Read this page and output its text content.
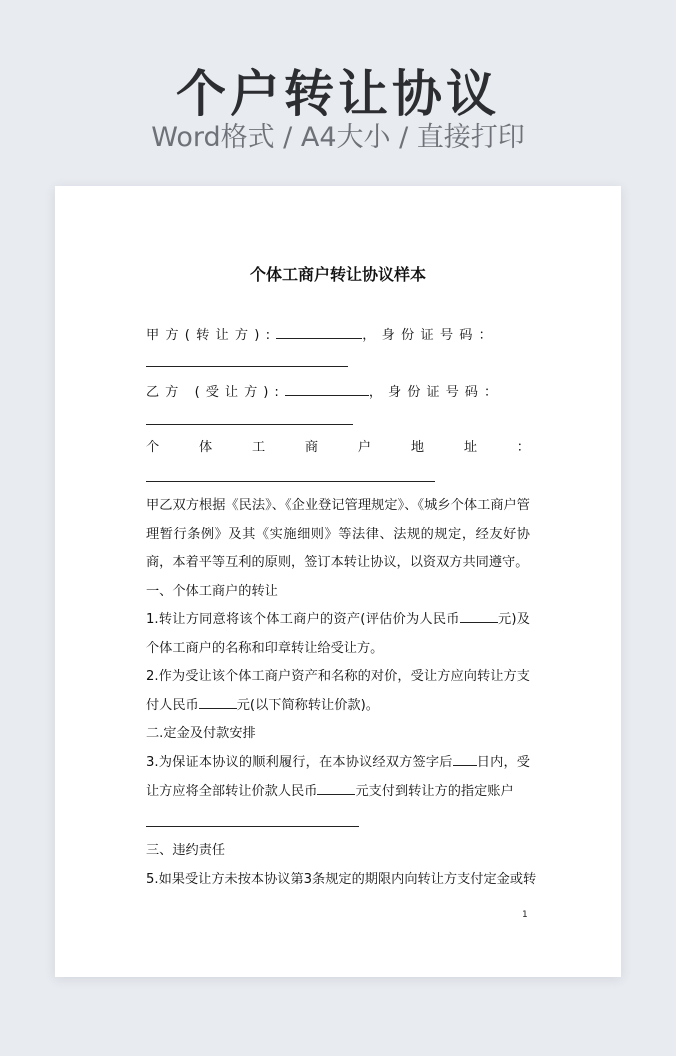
个户转让协议
Word格式 / A4大小 / 直接打印
个体工商户转让协议样本
甲方(转让方):	，身份证号码：
乙方 (受让方):	，身份证号码：
个	体	工	商	户	地	址	：
甲乙双方根据《民法》、《企业登记管理规定》、《城乡个体工商户管理暂行条例》及其《实施细则》等法律、法规的规定，经友好协商，本着平等互利的原则，签订本转让协议，以资双方共同遵守。
一、个体工商户的转让
1.转让方同意将该个体工商户的资产(评估价为人民币	元)及个体工商户的名称和印章转让给受让方。
2.作为受让该个体工商户资产和名称的对价，受让方应向转让方支付人民币	元(以下简称转让价款)。
二.定金及付款安排
3.为保证本协议的顺利履行，在本协议经双方签字后 日内，受让方应将全部转让价款人民币	元支付到转让方的指定账户
三、违约责任
5.如果受让方未按本协议第3条规定的期限内向转让方支付定金或转
1
